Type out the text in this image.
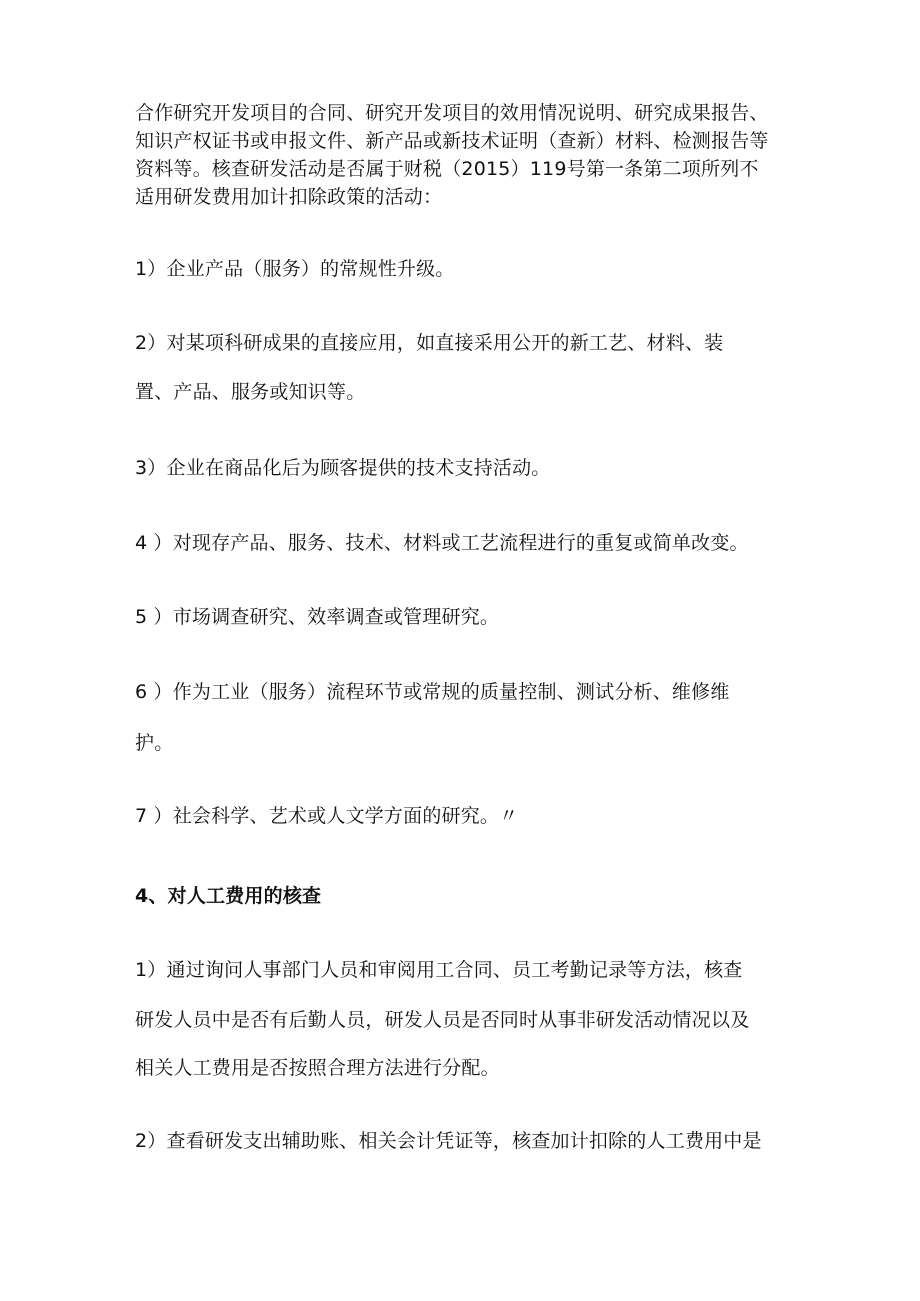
合作研究开发项目的合同、研究开发项目的效用情况说明、研究成果报告、
知识产权证书或申报文件、新产品或新技术证明（查新）材料、检测报告等
资料等。核查研发活动是否属于财税（2015）119号第一条第二项所列不
适用研发费用加计扣除政策的活动：
1）企业产品（服务）的常规性升级。
2）对某项科研成果的直接应用，如直接采用公开的新工艺、材料、装
置、产品、服务或知识等。
3）企业在商品化后为顾客提供的技术支持活动。
4 ）对现存产品、服务、技术、材料或工艺流程进行的重复或简单改变。
5 ）市场调查研究、效率调查或管理研究。
6 ）作为工业（服务）流程环节或常规的质量控制、测试分析、维修维
护。
7 ）社会科学、艺术或人文学方面的研究。〃
4、对人工费用的核查
1）通过询问人事部门人员和审阅用工合同、员工考勤记录等方法，核查
研发人员中是否有后勤人员，研发人员是否同时从事非研发活动情况以及
相关人工费用是否按照合理方法进行分配。
2）查看研发支出辅助账、相关会计凭证等，核查加计扣除的人工费用中是
